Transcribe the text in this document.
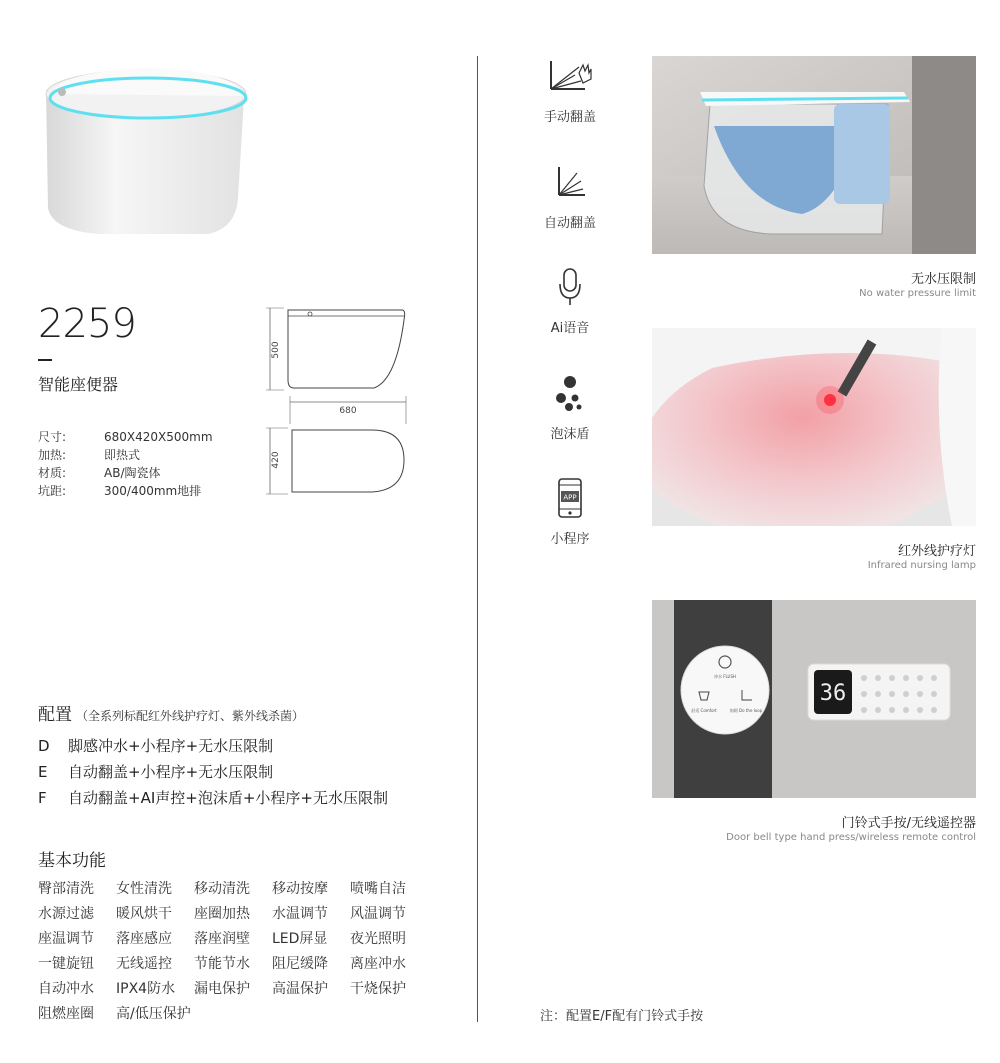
2259
智能座便器
尺寸:	680X420X500mm
加热:	即热式
材质:	AB/陶瓷体
坑距:	300/400mm地排
500
680
420
配置 （全系列标配红外线护疗灯、紫外线杀菌）
D	脚感冲水+小程序+无水压限制
E	自动翻盖+小程序+无水压限制
F	自动翻盖+AI声控+泡沫盾+小程序+无水压限制
基本功能
臀部清洗	女性清洗	移动清洗	移动按摩	喷嘴自洁
水源过滤	暖风烘干	座圈加热	水温调节	风温调节
座温调节	落座感应	落座润壁	LED屏显	夜光照明
一键旋钮	无线遥控	节能节水	阻尼缓降	离座冲水
自动冲水	IPX4防水	漏电保护	高温保护	干烧保护
阻燃座圈	高/低压保护
手动翻盖
自动翻盖
Ai语音
泡沫盾
APP
小程序
无水压限制
No water pressure limit
红外线护疗灯
Infrared nursing lamp
冲水 FLUSH
舒适 Comfort	如厕 Do the loop
36
门铃式手按/无线遥控器
Door bell type hand press/wireless remote control
注：配置E/F配有门铃式手按
